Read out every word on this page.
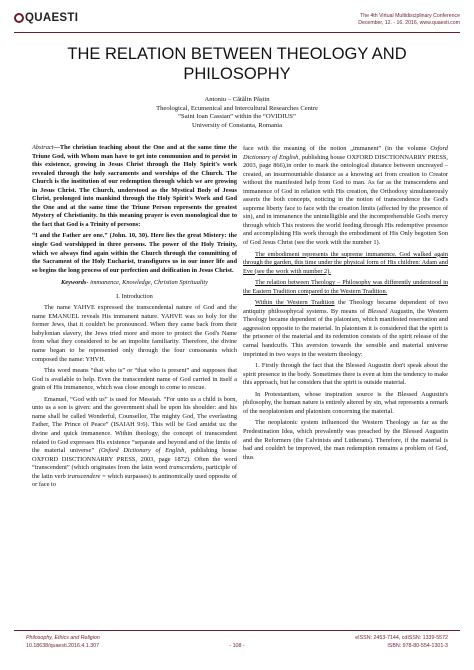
QUAESTI	The 4th Virtual Multidisciplinary Conference
December, 12. - 16. 2016, www.quaesti.com
THE RELATION BETWEEN THEOLOGY AND PHILOSOPHY
Antoniu – Cătălin Păștin
Theological, Ecumenical and Intercultural Researches Centre
“Saint Ioan Cassian” within the “OVIDIUS”
University of Constanta, Romania

Abstract—The christian teaching about the One and at the same time the Triune God, with Whom man have to get into communion and to persist in this existence, growing in Jesus Christ through the Holy Spirit's work revealed through the holy sacraments and worships of the Church. The Church is the institution of our redemption through which we are growing in Jesus Christ. The Church, understood as the Mystical Body of Jesus Christ, prolonged into mankind through the Holy Spirit's Work and God the One and at the same time the Triune Person represents the greatest Mystery of Christianity. In this meaning prayer is even monological due to the fact that God is a Trinity of persons:

“I and the Father are one.” (John. 10, 30). Here lies the great Mistery: the single God worshipped in three persons. The power of the Holy Trinity, which we always find again within the Church through the committing of the Sacrament of the Holy Eucharist, transfigures us in our inner life and so begins the long process of our perfection and deification in Jesus Christ.

Keywords- immanence, Knowledge, Christian Spirituality

I. Introduction

The name YAHVE expressed the transcendental nature of God and the name EMANUEL reveals His immanent nature. YAHVE was so holy for the former Jews, that it couldn't be pronounced. When they came back from their babylonian slavery, the Jews tried more and more to protect the God's Name from what they considered to be an impolite familiarity. Therefore, the divine name began to be represented only through the four consonants which composed the name: YHVH.

This word means “that who is” or “that who is present” and supposes that God is available to help. Even the transcendent name of God carried in itself a grain of His immanence, which was close enough to come to rescue.

Emanuel, “God with us” is used for Messiah. “For unto us a child is born, unto us a son is given: and the government shall be upon his shoulder: and his name shall be called Wonderful, Counsellor, The mighty God, The everlasting Father, The Prince of Peace” (ISAIAH 9:6). This will be God amidst us: the divine and quick immanence. Within theology, the concept of transcendent related to God expresses His existence “separate and beyond and of the limits of the material universe” (Oxford Dictionary of English, publishing house OXFORD DISCTIONNARRY PRESS, 2003, page 1872). Often the word “transcendent” (which originates from the latin word transcendens, participle of the latin verb transcendere = which surpasses) is antinomically used opposite of or face to

face with the meaning of the notion „immanent” (in the volume Oxford Dictionary of English, publishing house OXFORD DISCTIONNARRY PRESS, 2003, page 866),in order to mark the ontological distance between uncreayed – created, an insurmountable distance as a knowing act from creation to Creator without the manifested help from God to man. As far as the transcendens and immanence of God in relation with His creation, the Orthodoxy simultaneously asserts the both concepts, noticing in the notion of transcendence the God's supreme liberty face to face with the creation limits (affected by the presence of sin), and in immanence the unintelligible and the incomprehensible God's mercy through which This restores the world feeding through His redemptive presence and accomplishing His work through the embodiment of His Only begotten Son of God Jesus Christ (see the work with the number 1).

The embodiment represents the supreme immanence. God walked again through the garden, this time under the physical form of His children: Adam and Eve (see the work with number 2).

The relation between Theology – Philosophy was differently understood in the Eastern Tradition compared to the Western Tradition.

Within the Western Tradition the Theology became dependent of two antiquity philosophycal systems. By means of Blessed Augustin, the Western Theology became dependent of the platonism, which manifested reservation and aggression opposite to the material. In platonism it is considered that the spirit is the prisoner of the material and its redemtion consists of the spirit release of the carnal handcuffs. This aversion towards the sensible and material universe imprinted in two ways in the western theology:

1. Firstly through the fact that the Blessed Augustin don't speak about the spirit presence in the body. Sometimes there is even at him the tendency to make this approach, but he considers that the spirit is outside material.

In Protestantism, whose inspiration source is the Blessed Augustin's philosophy, the human nature is entirely altered by sin, what represents a remark of the neoplatonism and platonism concerning the material.

The neoplatonic system influenced the Western Theology as far as the Predestination Idea, which prevalently was preached by the Blessed Augustin and the Reformers (the Calvinists and Lutherans). Therefore, if the material is bad and couldn't be improved, the man redemption remains a problem of God, thus

Philosophy, Ethics and Religion
10.18638/quaesti.2016.4.1.307	- 108 -
eISSN: 2453-7144, cdISSN: 1339-5572
ISBN: 978-80-554-1301-3
